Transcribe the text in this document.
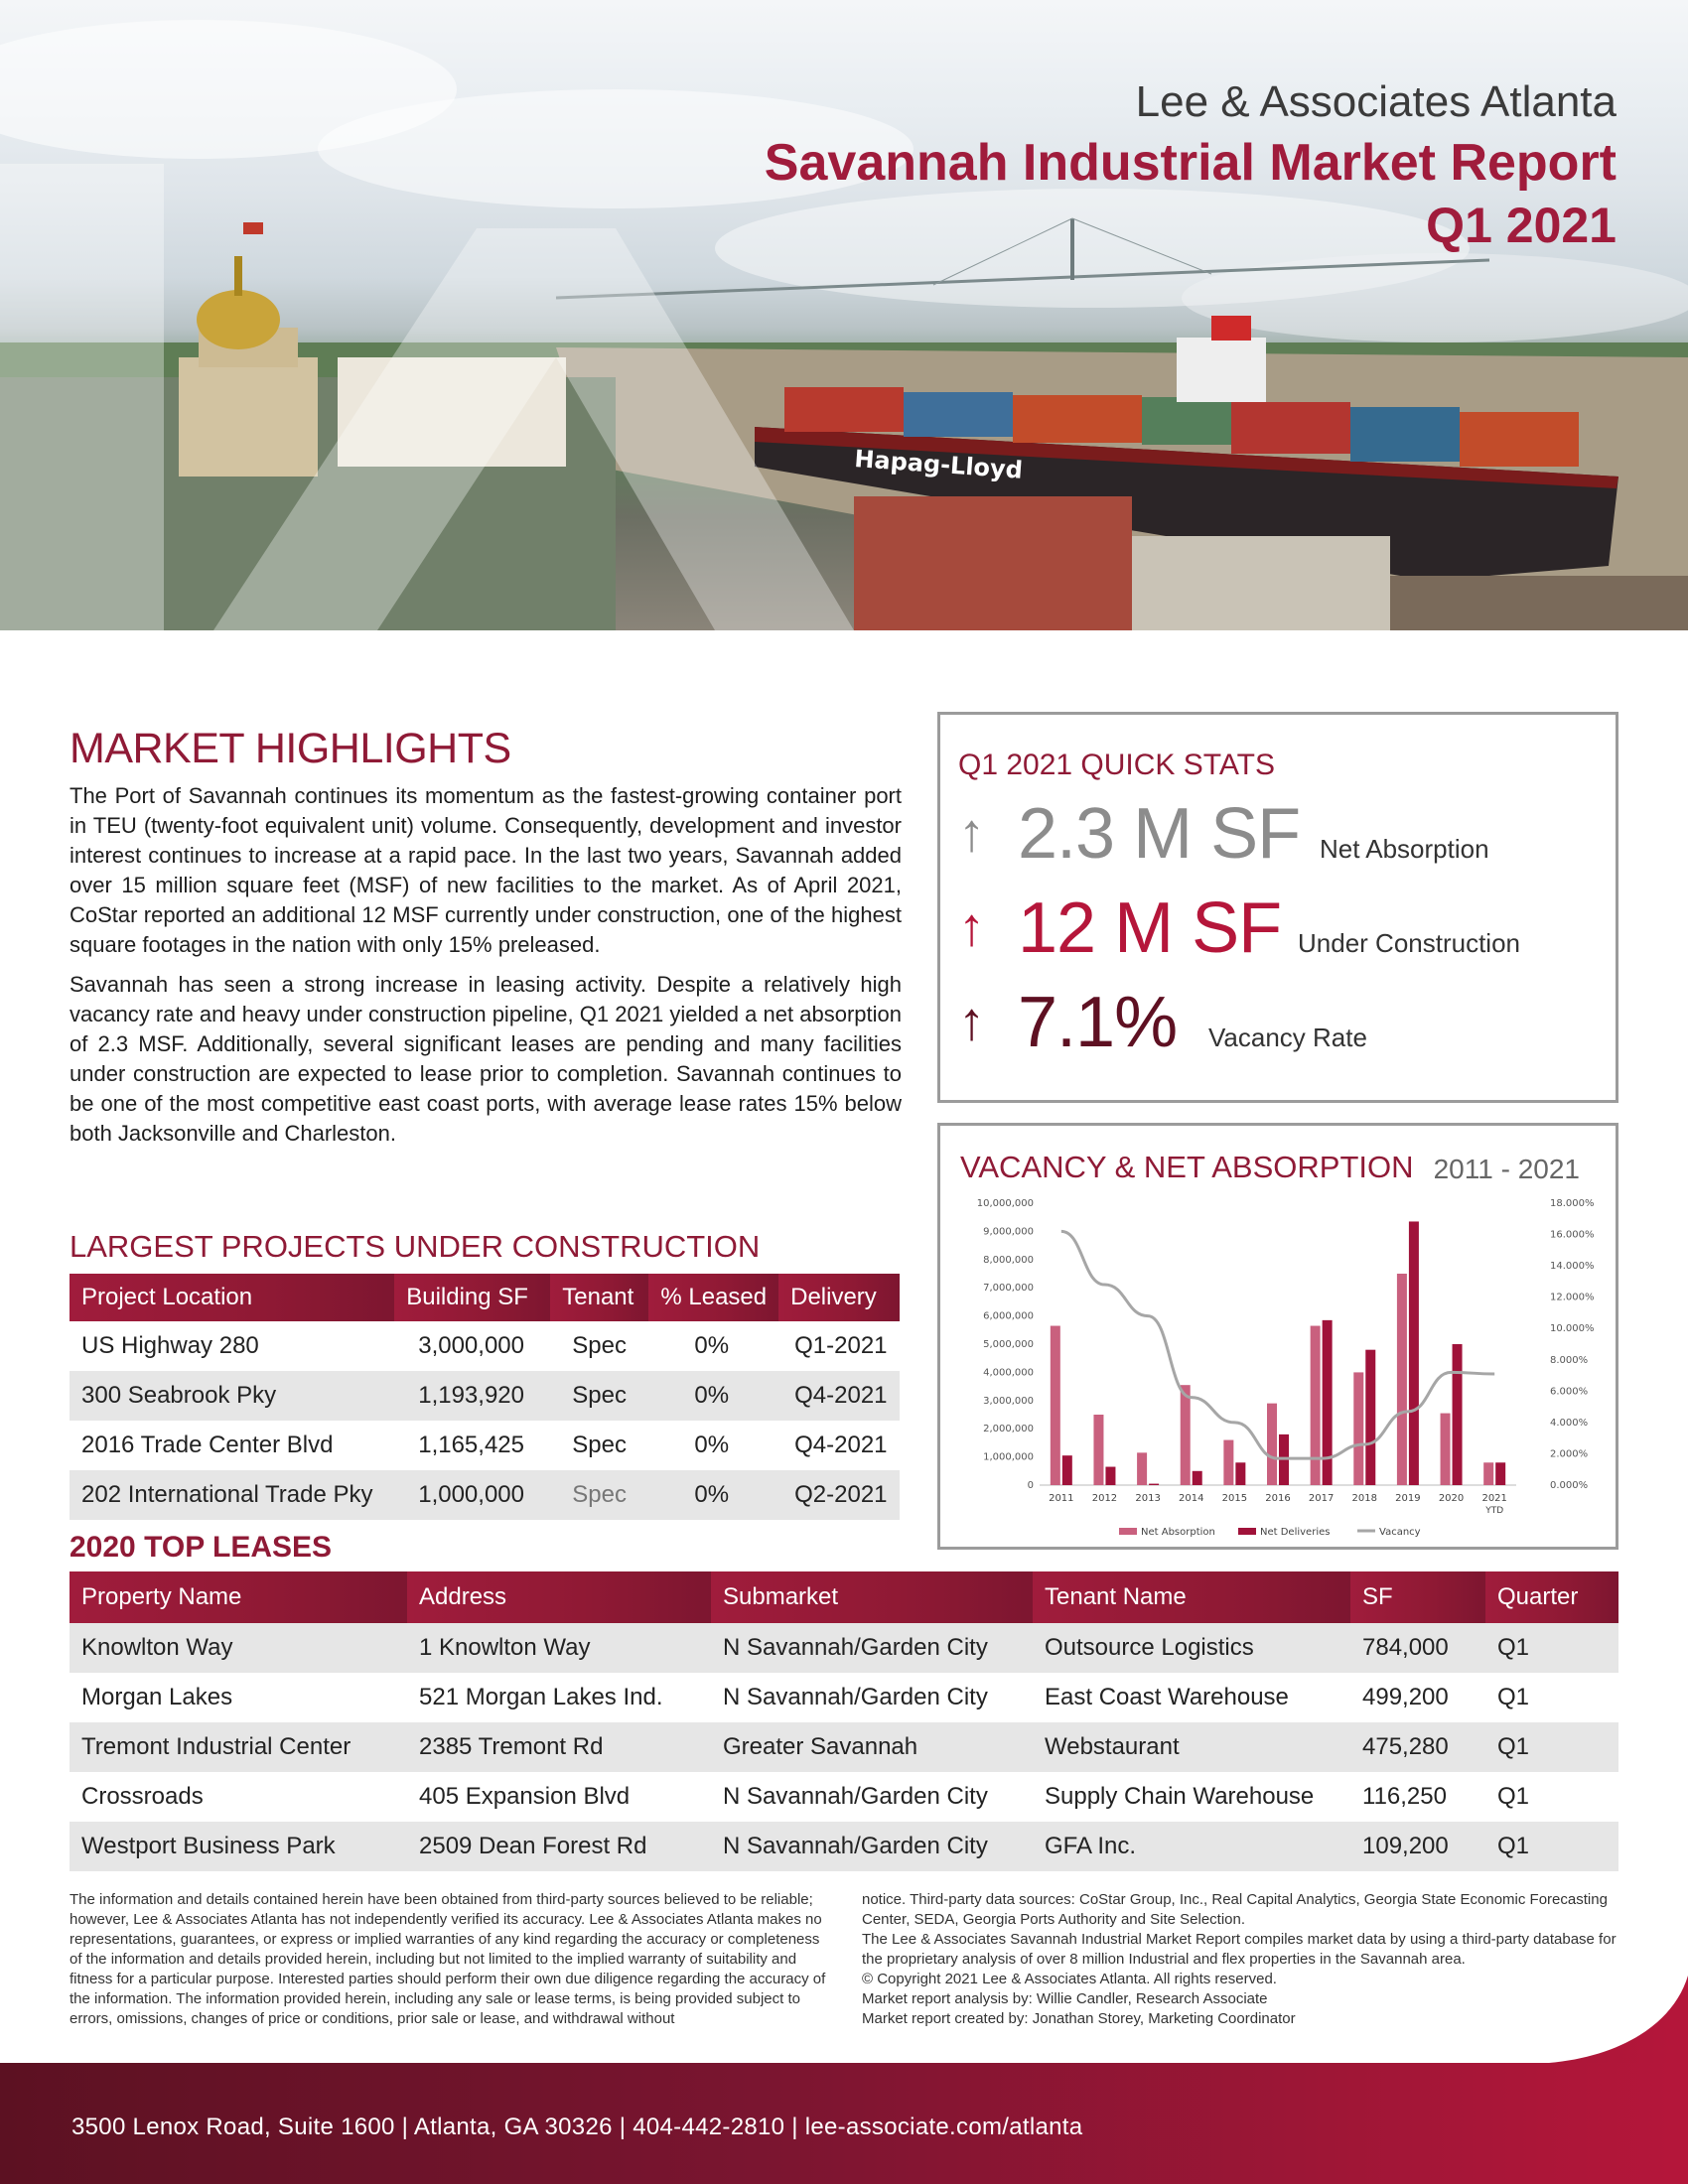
Hapag-Lloyd
Lee & Associates Atlanta
Savannah Industrial Market Report
Q1 2021
MARKET HIGHLIGHTS

The Port of Savannah continues its momentum as the fastest-growing container port in TEU (twenty-foot equivalent unit) volume. Consequently, development and investor interest continues to increase at a rapid pace. In the last two years, Savannah added over 15 million square feet (MSF) of new facilities to the market. As of April 2021, CoStar reported an additional 12 MSF currently under construction, one of the highest square footages in the nation with only 15% preleased.

Savannah has seen a strong increase in leasing activity. Despite a relatively high vacancy rate and heavy under construction pipeline, Q1 2021 yielded a net absorption of 2.3 MSF. Additionally, several significant leases are pending and many facilities under construction are expected to lease prior to completion. Savannah continues to be one of the most competitive east coast ports, with average lease rates 15% below both Jacksonville and Charleston.

Q1 2021 QUICK STATS
↑ 2.3 M SF Net Absorption
↑ 12 M SF Under Construction
↑ 7.1% Vacancy Rate
0
1,000,000
2,000,000
3,000,000
4,000,000
5,000,000
6,000,000
7,000,000
8,000,000
9,000,000
10,000,000
0.000%
2.000%
4.000%
6.000%
8.000%
10.000%
12.000%
14.000%
16.000%
18.000%
2011 2012 2013 2014 2015 2016 2017 2018 2019 2020 2021
YTD
Net Absorption	Net Deliveries	Vacancy
VACANCY & NET ABSORPTION 2011 - 2021
LARGEST PROJECTS UNDER CONSTRUCTION
Project Location	Building SF	Tenant	% Leased	Delivery
US Highway 280	3,000,000	Spec	0%	Q1-2021
300 Seabrook Pky	1,193,920	Spec	0%	Q4-2021
2016 Trade Center Blvd	1,165,425	Spec	0%	Q4-2021
202 International Trade Pky	1,000,000	Spec	0%	Q2-2021
2020 TOP LEASES
Property Name	Address	Submarket	Tenant Name	SF	Quarter
Knowlton Way	1 Knowlton Way	N Savannah/Garden City	Outsource Logistics	784,000	Q1
Morgan Lakes	521 Morgan Lakes Ind.	N Savannah/Garden City	East Coast Warehouse	499,200	Q1
Tremont Industrial Center	2385 Tremont Rd	Greater Savannah	Webstaurant	475,280	Q1
Crossroads	405 Expansion Blvd	N Savannah/Garden City	Supply Chain Warehouse	116,250	Q1
Westport Business Park	2509 Dean Forest Rd	N Savannah/Garden City	GFA Inc.	109,200	Q1
The information and details contained herein have been obtained from third-party sources believed to be reliable; however, Lee & Associates Atlanta has not independently verified its accuracy. Lee & Associates Atlanta makes no representations, guarantees, or express or implied warranties of any kind regarding the accuracy or completeness of the information and details provided herein, including but not limited to the implied warranty of suitability and fitness for a particular purpose. Interested parties should perform their own due diligence regarding the accuracy of the information. The information provided herein, including any sale or lease terms, is being provided subject to errors, omissions, changes of price or conditions, prior sale or lease, and withdrawal without
notice. Third-party data sources: CoStar Group, Inc., Real Capital Analytics, Georgia State Economic Forecasting Center, SEDA, Georgia Ports Authority and Site Selection.
The Lee & Associates Savannah Industrial Market Report compiles market data by using a third-party database for the proprietary analysis of over 8 million Industrial and flex properties in the Savannah area.
© Copyright 2021 Lee & Associates Atlanta. All rights reserved.
Market report analysis by: Willie Candler, Research Associate
Market report created by: Jonathan Storey, Marketing Coordinator
3500 Lenox Road, Suite 1600 | Atlanta, GA 30326 | 404-442-2810 | lee-associate.com/atlanta
